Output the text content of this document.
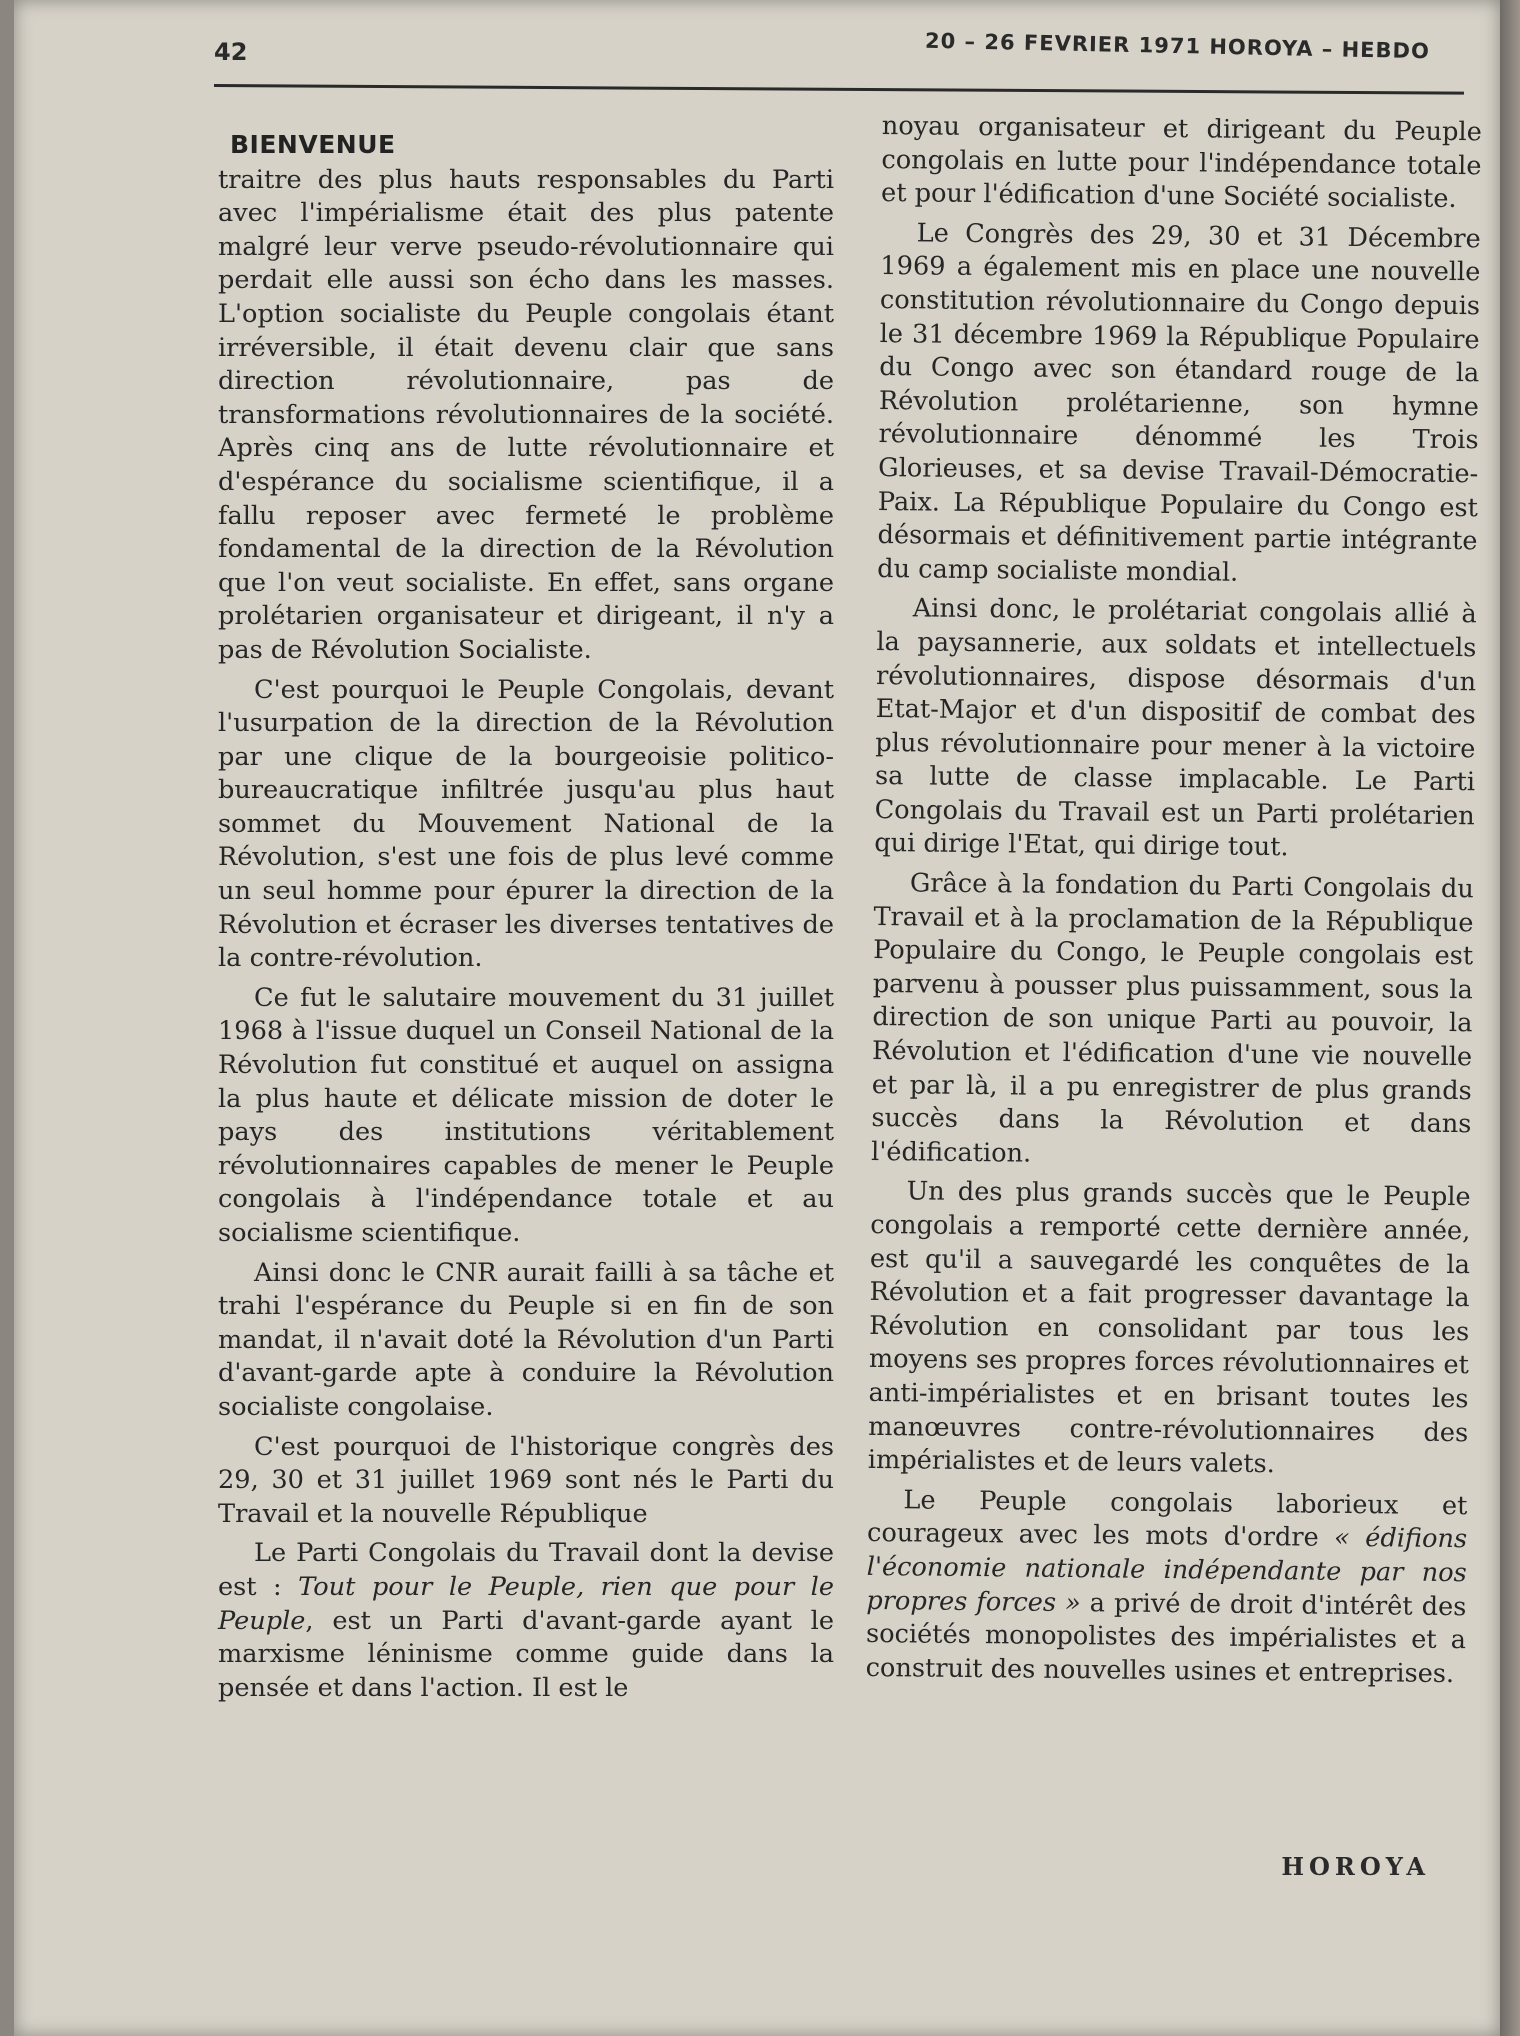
42	20 – 26 FEVRIER 1971 HOROYA – HEBDO
BIENVENUE

traitre des plus hauts responsables du Parti avec l'impérialisme était des plus patente malgré leur verve pseudo-révolutionnaire qui perdait elle aussi son écho dans les masses. L'option socialiste du Peuple congolais étant irréversible, il était devenu clair que sans direction révolutionnaire, pas de transformations révolutionnaires de la société. Après cinq ans de lutte révolutionnaire et d'espérance du socialisme scientifique, il a fallu reposer avec fermeté le problème fondamental de la direction de la Révolution que l'on veut socialiste. En effet, sans organe prolétarien organisateur et dirigeant, il n'y a pas de Révolution Socialiste.

C'est pourquoi le Peuple Congolais, devant l'usurpation de la direction de la Révolution par une clique de la bourgeoisie politico-bureaucratique infiltrée jusqu'au plus haut sommet du Mouvement National de la Révolution, s'est une fois de plus levé comme un seul homme pour épurer la direction de la Révolution et écraser les diverses tentatives de la contre-révolution.

Ce fut le salutaire mouvement du 31 juillet 1968 à l'issue duquel un Conseil National de la Révolution fut constitué et auquel on assigna la plus haute et délicate mission de doter le pays des institutions véritablement révolutionnaires capables de mener le Peuple congolais à l'indépendance totale et au socialisme scientifique.

Ainsi donc le CNR aurait failli à sa tâche et trahi l'espérance du Peuple si en fin de son mandat, il n'avait doté la Révolution d'un Parti d'avant-garde apte à conduire la Révolution socialiste congolaise.

C'est pourquoi de l'historique congrès des 29, 30 et 31 juillet 1969 sont nés le Parti du Travail et la nouvelle République

Le Parti Congolais du Travail dont la devise est : Tout pour le Peuple, rien que pour le Peuple, est un Parti d'avant-garde ayant le marxisme léninisme comme guide dans la pensée et dans l'action. Il est le

noyau organisateur et dirigeant du Peuple congolais en lutte pour l'indépendance totale et pour l'édification d'une Société socialiste.

Le Congrès des 29, 30 et 31 Décembre 1969 a également mis en place une nouvelle constitution révolutionnaire du Congo depuis le 31 décembre 1969 la République Populaire du Congo avec son étandard rouge de la Révolution prolétarienne, son hymne révolutionnaire dénommé les Trois Glorieuses, et sa devise Travail-Démocratie-Paix. La République Populaire du Congo est désormais et définitivement partie intégrante du camp socialiste mondial.

Ainsi donc, le prolétariat congolais allié à la paysannerie, aux soldats et intellectuels révolutionnaires, dispose désormais d'un Etat-Major et d'un dispositif de combat des plus révolutionnaire pour mener à la victoire sa lutte de classe implacable. Le Parti Congolais du Travail est un Parti prolétarien qui dirige l'Etat, qui dirige tout.

Grâce à la fondation du Parti Congolais du Travail et à la proclamation de la République Populaire du Congo, le Peuple congolais est parvenu à pousser plus puissamment, sous la direction de son unique Parti au pouvoir, la Révolution et l'édification d'une vie nouvelle et par là, il a pu enregistrer de plus grands succès dans la Révolution et dans l'édification.

Un des plus grands succès que le Peuple congolais a remporté cette dernière année, est qu'il a sauvegardé les conquêtes de la Révolution et a fait progresser davantage la Révolution en consolidant par tous les moyens ses propres forces révolutionnaires et anti-impérialistes et en brisant toutes les manœuvres contre-révolutionnaires des impérialistes et de leurs valets.

Le Peuple congolais laborieux et courageux avec les mots d'ordre « édifions l'économie nationale indépendante par nos propres forces » a privé de droit d'intérêt des sociétés monopolistes des impérialistes et a construit des nouvelles usines et entreprises.

HOROYA
